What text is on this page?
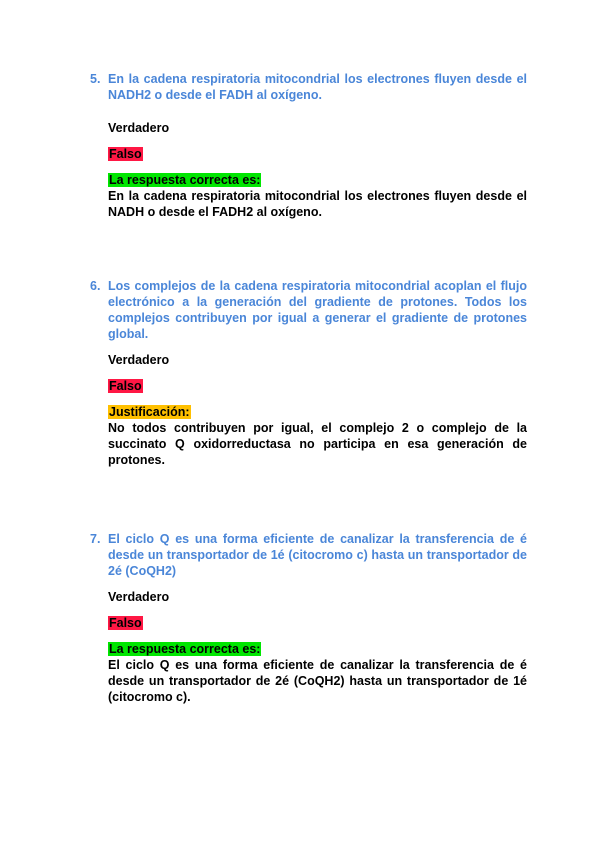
5. En la cadena respiratoria mitocondrial los electrones fluyen desde el NADH2 o desde el FADH al oxígeno.
Verdadero
Falso
La respuesta correcta es:
En la cadena respiratoria mitocondrial los electrones fluyen desde el NADH o desde el FADH2 al oxígeno.
6. Los complejos de la cadena respiratoria mitocondrial acoplan el flujo electrónico a la generación del gradiente de protones. Todos los complejos contribuyen por igual a generar el gradiente de protones global.
Verdadero
Falso
Justificación:
No todos contribuyen por igual, el complejo 2 o complejo de la succinato Q oxidorreductasa no participa en esa generación de protones.
7. El ciclo Q es una forma eficiente de canalizar la transferencia de é desde un transportador de 1é (citocromo c) hasta un transportador de 2é (CoQH2)
Verdadero
Falso
La respuesta correcta es:
El ciclo Q es una forma eficiente de canalizar la transferencia de é desde un transportador de 2é (CoQH2) hasta un transportador de 1é (citocromo c).
